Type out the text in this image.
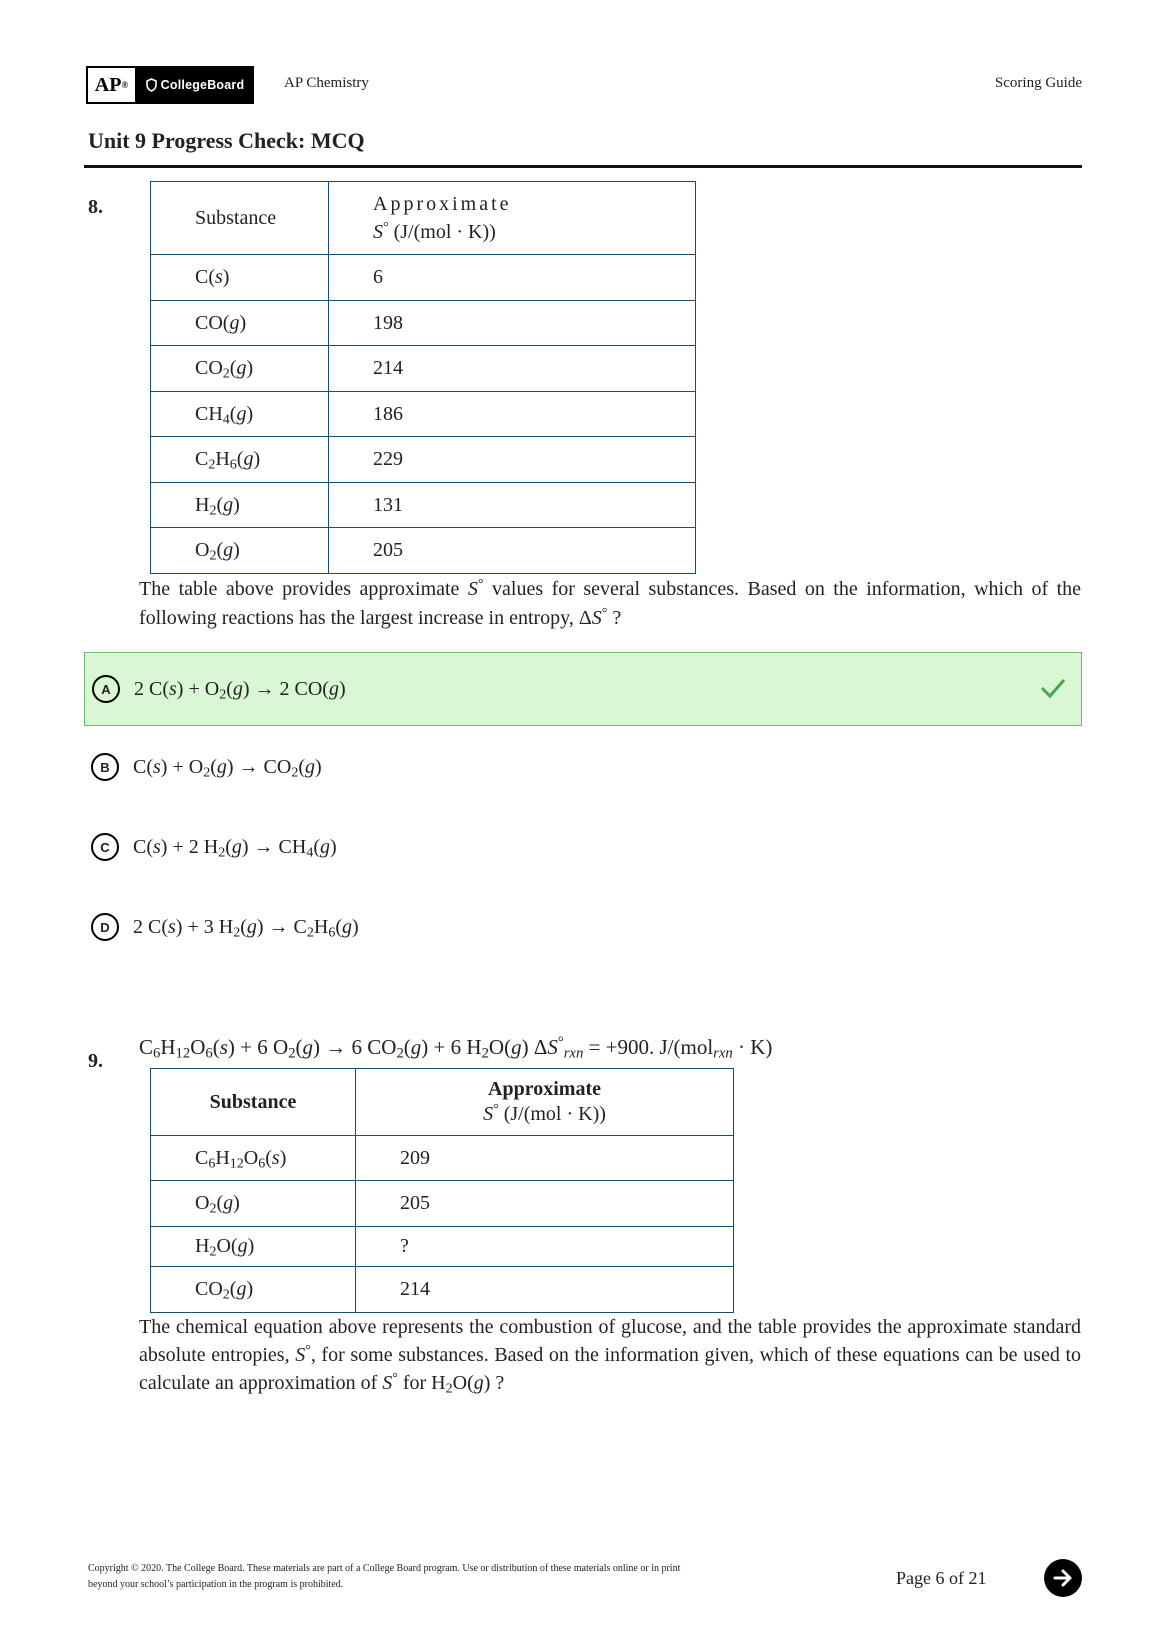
AP ®	CollegeBoard	AP Chemistry	Scoring Guide
Unit 9 Progress Check: MCQ
8.	Substance	Approximate
S° (J/(mol · K))
C(s)	6
CO(g)	198
$CO_2(g)$	214
$CH_4(g)$	186
$C_2H_6(g)$	229
$H_2(g)$	131
$O_2(g)$	205
The table above provides approximate S° values for several substances. Based on the information, which of the following reactions has the largest increase in entropy, ΔS° ?
A	2 $C(s) + O_2(g) \to 2$ CO(g)
B	$C(s) + O_2(g) \to CO_2(g)$
C	C(s) + 2 $H_2(g) \to CH_4(g)$
D	2 C(s) + 3 $H_2(g) \to C_2H_6(g)$
9.
$C_6H_{12}O_6(s) + 6$ $O_2(g) \to 6$ $CO_2(g) + 6$ $H_2O(g) \Delta S^\circ_{rxn} = +900$. J/(mol$_{rxn}$ · K)
Substance	Approximate
S° (J/(mol · K))
$C_6H_{12}O_6(s)$	209
$O_2(g)$	205
$H_2O(g)$	?
$CO_2(g)$	214
The chemical equation above represents the combustion of glucose, and the table provides the approximate standard absolute entropies, S°, for some substances. Based on the information given, which of these equations can be used to calculate an approximation of S° for $H_2O(g)$ ?
Copyright © 2020. The College Board. These materials are part of a College Board program. Use or distribution of these materials online or in print
beyond your school’s participation in the program is prohibited.	Page 6 of 21
